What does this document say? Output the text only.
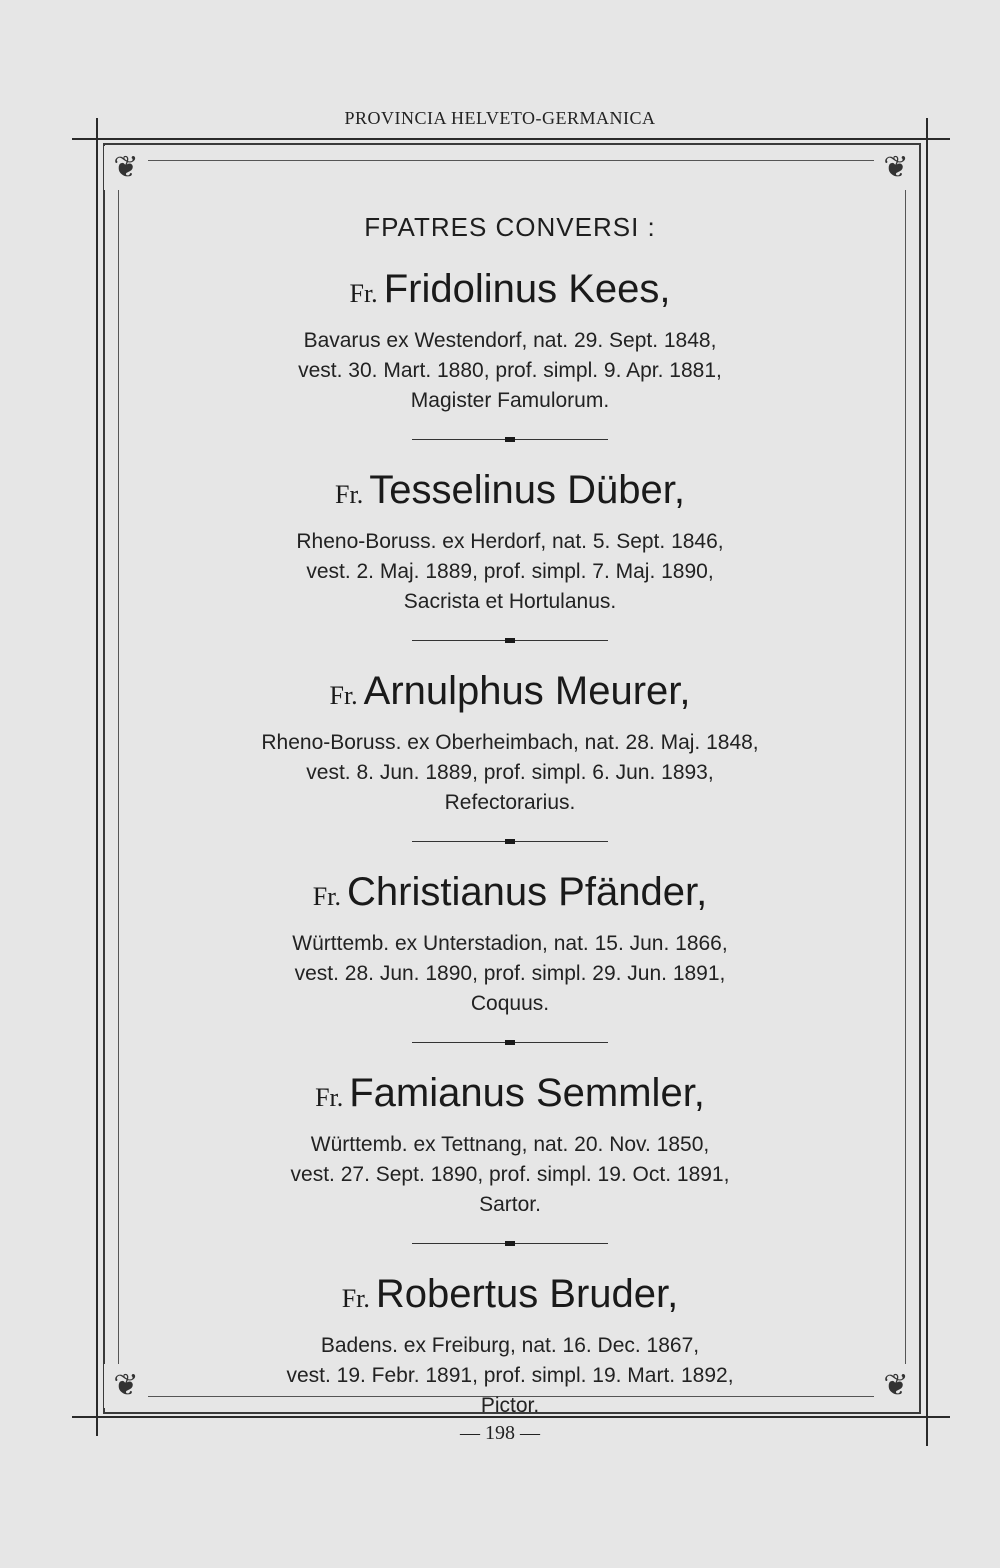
PROVINCIA HELVETO-GERMANICA
❦	❦
❦	❦
FPATRES CONVERSI :
Fr. Fridolinus Kees,
Bavarus ex Westendorf, nat. 29. Sept. 1848,
vest. 30. Mart. 1880, prof. simpl. 9. Apr. 1881,
Magister Famulorum.
Fr. Tesselinus Düber,
Rheno-Boruss. ex Herdorf, nat. 5. Sept. 1846,
vest. 2. Maj. 1889, prof. simpl. 7. Maj. 1890,
Sacrista et Hortulanus.
Fr. Arnulphus Meurer,
Rheno-Boruss. ex Oberheimbach, nat. 28. Maj. 1848,
vest. 8. Jun. 1889, prof. simpl. 6. Jun. 1893,
Refectorarius.
Fr. Christianus Pfänder,
Württemb. ex Unterstadion, nat. 15. Jun. 1866,
vest. 28. Jun. 1890, prof. simpl. 29. Jun. 1891,
Coquus.
Fr. Famianus Semmler,
Württemb. ex Tettnang, nat. 20. Nov. 1850,
vest. 27. Sept. 1890, prof. simpl. 19. Oct. 1891,
Sartor.
Fr. Robertus Bruder,
Badens. ex Freiburg, nat. 16. Dec. 1867,
vest. 19. Febr. 1891, prof. simpl. 19. Mart. 1892,
Pictor.
— 198 —
